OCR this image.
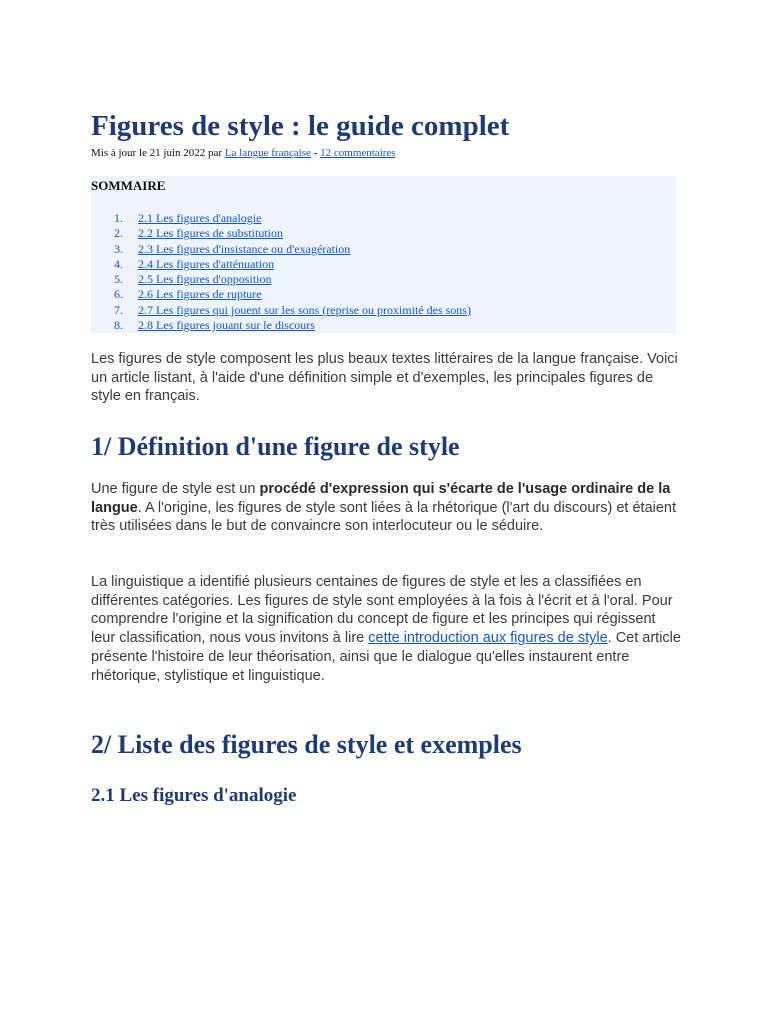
Figures de style : le guide complet
Mis à jour le 21 juin 2022 par La langue française - 12 commentaires
SOMMAIRE
1. 2.1 Les figures d'analogie
2. 2.2 Les figures de substitution
3. 2.3 Les figures d'insistance ou d'exagération
4. 2.4 Les figures d'atténuation
5. 2.5 Les figures d'opposition
6. 2.6 Les figures de rupture
7. 2.7 Les figures qui jouent sur les sons (reprise ou proximité des sons)
8. 2.8 Les figures jouant sur le discours

Les figures de style composent les plus beaux textes littéraires de la langue française. Voici un article listant, à l'aide d'une définition simple et d'exemples, les principales figures de style en français.

1/ Définition d'une figure de style

Une figure de style est un procédé d'expression qui s'écarte de l'usage ordinaire de la langue. A l'origine, les figures de style sont liées à la rhétorique (l'art du discours) et étaient très utilisées dans le but de convaincre son interlocuteur ou le séduire.

La linguistique a identifié plusieurs centaines de figures de style et les a classifiées en différentes catégories. Les figures de style sont employées à la fois à l'écrit et à l'oral. Pour comprendre l'origine et la signification du concept de figure et les principes qui régissent leur classification, nous vous invitons à lire cette introduction aux figures de style. Cet article présente l'histoire de leur théorisation, ainsi que le dialogue qu'elles instaurent entre rhétorique, stylistique et linguistique.

2/ Liste des figures de style et exemples
2.1 Les figures d'analogie
